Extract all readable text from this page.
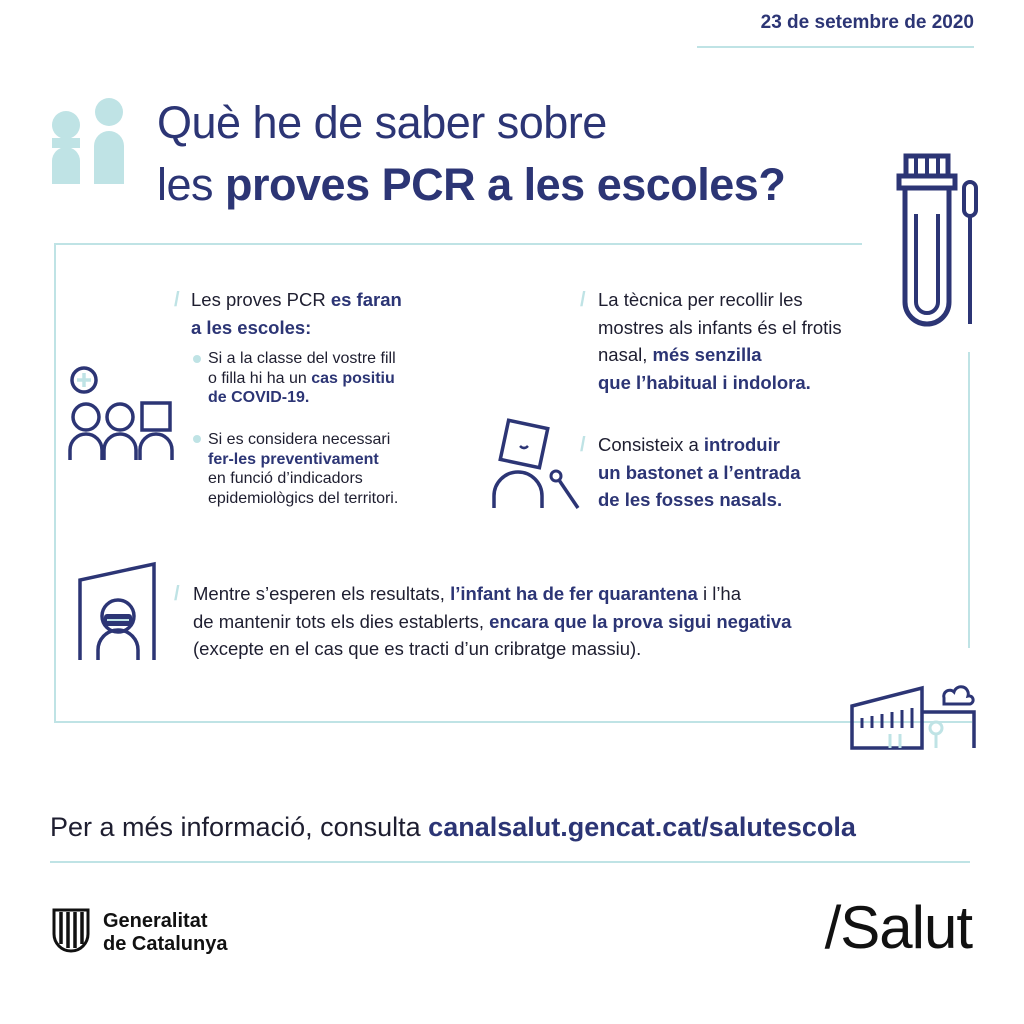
23 de setembre de 2020
Què he de saber sobre
les proves PCR a les escoles?
/ Les proves PCR es faran
a les escoles:
Si a la classe del vostre fill
o filla hi ha un cas positiu
de COVID-19.
Si es considera necessari
fer-les preventivament
en funció d’indicadors
epidemiològics del territori.
/ La tècnica per recollir les
mostres als infants és el frotis
nasal, més senzilla
que l’habitual i indolora.
/ Consisteix a introduir
un bastonet a l’entrada
de les fosses nasals.
/ Mentre s’esperen els resultats, l’infant ha de fer quarantena i l’ha
de mantenir tots els dies establerts, encara que la prova sigui negativa
(excepte en el cas que es tracti d’un cribratge massiu).
Per a més informació, consulta canalsalut.gencat.cat/salutescola
Generalitat
de Catalunya	/Salut
